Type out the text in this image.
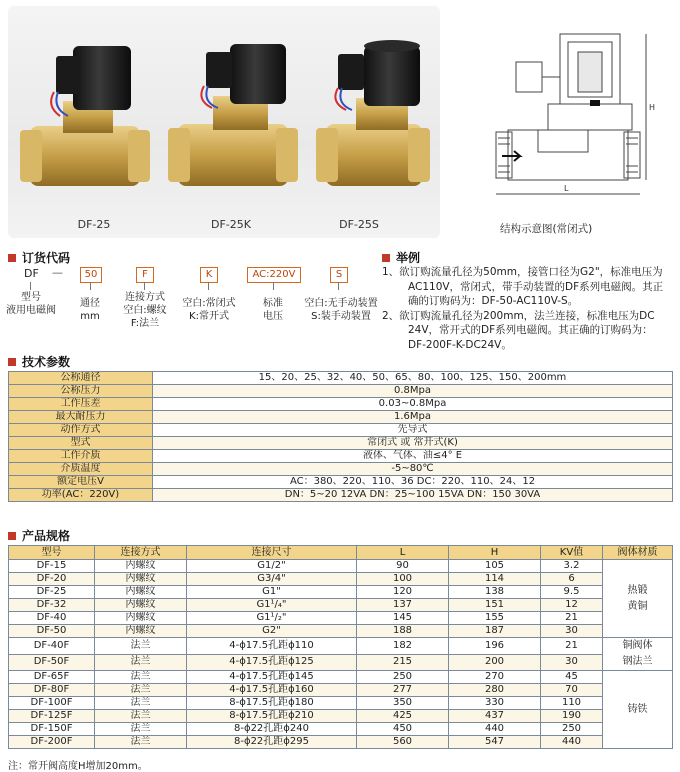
DF-25	DF-25K	DF-25S
H
L
结构示意图(常闭式)
订货代码
DF —	50	F	K	AC:220V	S
型号
液用电磁阀
通径
mm
连接方式
空白:螺纹
F:法兰
空白:常闭式
K:常开式
标准
电压
空白:无手动装置
S:装手动装置
举例
1、欲订购流量孔径为50mm，接管口径为G2"，标准电压为
AC110V，常闭式，带手动装置的DF系列电磁阀。其正
确的订购码为：DF-50-AC110V-S。
2、欲订购流量孔径为200mm，法兰连接，标准电压为DC
24V，常开式的DF系列电磁阀。其正确的订购码为：
DF-200F-K-DC24V。
技术参数
公称通径	15、20、25、32、40、50、65、80、100、125、150、200mm
公称压力	0.8Mpa
工作压差	0.03~0.8Mpa
最大耐压力	1.6Mpa
动作方式	先导式
型式	常闭式 或 常开式(K)
工作介质	液体、气体、油≤4° E
介质温度	-5~80℃
额定电压V	AC：380、220、110、36 DC：220、110、24、12
功率(AC：220V)	DN：5~20 12VA DN：25~100 15VA DN：150 30VA
产品规格
型号	连接方式	连接尺寸	L	H	KV值	阀体材质
DF-15	内螺纹	G1/2"	90	105	3.2	热锻
黄铜
DF-20	内螺纹	G3/4"	100	114	6	
DF-25	内螺纹	G1"	120	138	9.5	
DF-32	内螺纹	G1¹/₄"	137	151	12	
DF-40	内螺纹	G1¹/₂"	145	155	21	
DF-50	内螺纹	G2"	188	187	30	
DF-40F	法兰	4-ϕ17.5孔距ϕ110	182	196	21	铜阀体
钢法兰
DF-50F	法兰	4-ϕ17.5孔距ϕ125	215	200	30	
DF-65F	法兰	4-ϕ17.5孔距ϕ145	250	270	45	铸铁
DF-80F	法兰	4-ϕ17.5孔距ϕ160	277	280	70	
DF-100F	法兰	8-ϕ17.5孔距ϕ180	350	330	110	
DF-125F	法兰	8-ϕ17.5孔距ϕ210	425	437	190	
DF-150F	法兰	8-ϕ22孔距ϕ240	450	440	250	
DF-200F	法兰	8-ϕ22孔距ϕ295	560	547	440	
注：常开阀高度H增加20mm。
